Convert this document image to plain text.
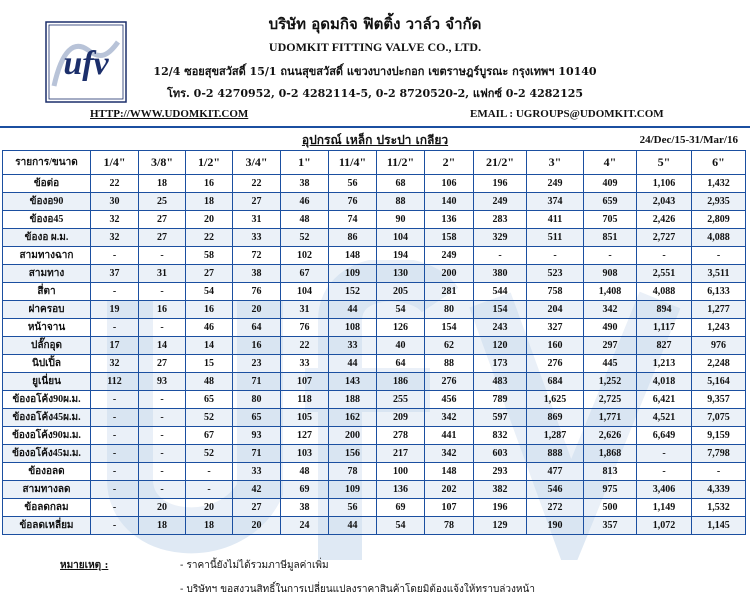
ufv
บริษัท อุดมกิจ ฟิตติ้ง วาล์ว จำกัด
UDOMKIT FITTING VALVE CO., LTD.
12/4 ซอยสุขสวัสดิ์ 15/1 ถนนสุขสวัสดิ์ แขวงบางปะกอก เขตราษฎร์บูรณะ กรุงเทพฯ 10140
โทร. 0-2 4270952, 0-2 4282114-5, 0-2 8720520-2, แฟกซ์ 0-2 4282125
HTTP://WWW.UDOMKIT.COM	EMAIL : UGROUPS@UDOMKIT.COM
อุปกรณ์ เหล็ก ประปา เกลียว	24/Dec/15-31/Mar/16
รายการ/ขนาด	1/4"	3/8"	1/2"	3/4"	1"	11/4"	11/2"	2"	21/2"	3"	4"	5"	6"
ข้อต่อ	22	18	16	22	38	56	68	106	196	249	409	1,106	1,432
ข้องอ90	30	25	18	27	46	76	88	140	249	374	659	2,043	2,935
ข้องอ45	32	27	20	31	48	74	90	136	283	411	705	2,426	2,809
ข้องอ ผ.ม.	32	27	22	33	52	86	104	158	329	511	851	2,727	4,088
สามทางฉาก	-	-	58	72	102	148	194	249	-	-	-	-	-
สามทาง	37	31	27	38	67	109	130	200	380	523	908	2,551	3,511
สี่ตา	-	-	54	76	104	152	205	281	544	758	1,408	4,088	6,133
ฝาครอบ	19	16	16	20	31	44	54	80	154	204	342	894	1,277
หน้าจาน	-	-	46	64	76	108	126	154	243	327	490	1,117	1,243
ปลั๊กอุด	17	14	14	16	22	33	40	62	120	160	297	827	976
นิปเปิ้ล	32	27	15	23	33	44	64	88	173	276	445	1,213	2,248
ยูเนี่ยน	112	93	48	71	107	143	186	276	483	684	1,252	4,018	5,164
ข้องอโค้ง90ผ.ม.	-	-	65	80	118	188	255	456	789	1,625	2,725	6,421	9,357
ข้องอโค้ง45ผ.ม.	-	-	52	65	105	162	209	342	597	869	1,771	4,521	7,075
ข้องอโค้ง90ม.ม.	-	-	67	93	127	200	278	441	832	1,287	2,626	6,649	9,159
ข้องอโค้ง45ม.ม.	-	-	52	71	103	156	217	342	603	888	1,868	-	7,798
ข้องอลด	-	-	-	33	48	78	100	148	293	477	813	-	-
สามทางลด	-	-	-	42	69	109	136	202	382	546	975	3,406	4,339
ข้อลดกลม	-	20	20	27	38	56	69	107	196	272	500	1,149	1,532
ข้อลดเหลี่ยม	-	18	18	20	24	44	54	78	129	190	357	1,072	1,145
หมายเหตุ :	- ราคานี้ยังไม่ได้รวมภาษีมูลค่าเพิ่ม
- บริษัทฯ ขอสงวนสิทธิ์ในการเปลี่ยนแปลงราคาสินค้าโดยมิต้องแจ้งให้ทราบล่วงหน้า
